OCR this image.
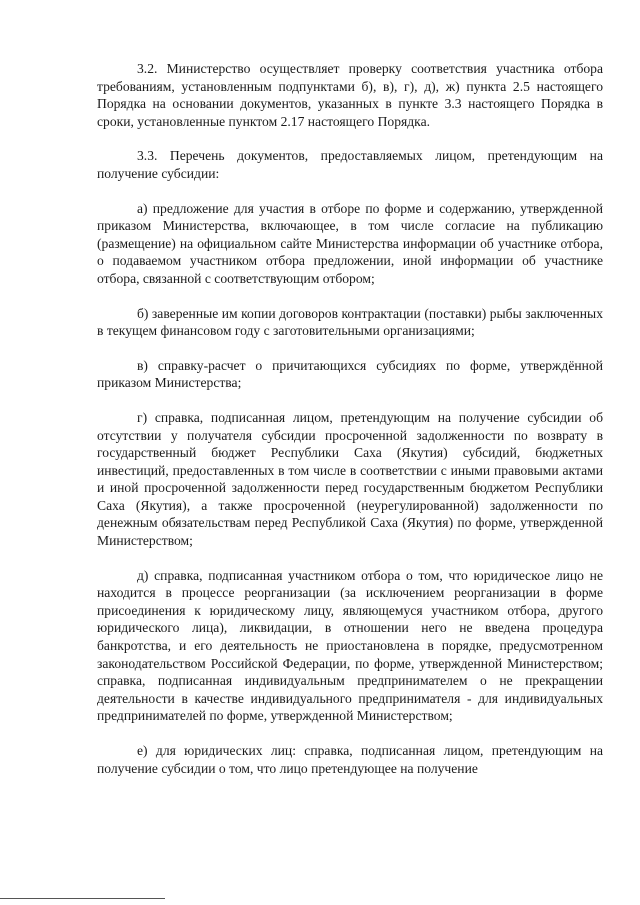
3.2. Министерство осуществляет проверку соответствия участника отбора требованиям, установленным подпунктами б), в), г), д), ж) пункта 2.5 настоящего Порядка на основании документов, указанных в пункте 3.3 настоящего Порядка в сроки, установленные пунктом 2.17 настоящего Порядка.

3.3. Перечень документов, предоставляемых лицом, претендующим на получение субсидии:

а) предложение для участия в отборе по форме и содержанию, утвержденной приказом Министерства, включающее, в том числе согласие на публикацию (размещение) на официальном сайте Министерства информации об участнике отбора, о подаваемом участником отбора предложении, иной информации об участнике отбора, связанной с соответствующим отбором;

б) заверенные им копии договоров контрактации (поставки) рыбы заключенных в текущем финансовом году с заготовительными организациями;

в) справку-расчет о причитающихся субсидиях по форме, утверждённой приказом Министерства;

г) справка, подписанная лицом, претендующим на получение субсидии об отсутствии у получателя субсидии просроченной задолженности по возврату в государственный бюджет Республики Саха (Якутия) субсидий, бюджетных инвестиций, предоставленных в том числе в соответствии с иными правовыми актами и иной просроченной задолженности перед государственным бюджетом Республики Саха (Якутия), а также просроченной (неурегулированной) задолженности по денежным обязательствам перед Республикой Саха (Якутия) по форме, утвержденной Министерством;

д) справка, подписанная участником отбора о том, что юридическое лицо не находится в процессе реорганизации (за исключением реорганизации в форме присоединения к юридическому лицу, являющемуся участником отбора, другого юридического лица), ликвидации, в отношении него не введена процедура банкротства, и его деятельность не приостановлена в порядке, предусмотренном законодательством Российской Федерации, по форме, утвержденной Министерством; справка, подписанная индивидуальным предпринимателем о не прекращении деятельности в качестве индивидуального предпринимателя - для индивидуальных предпринимателей по форме, утвержденной Министерством;

е) для юридических лиц: справка, подписанная лицом, претендующим на получение субсидии о том, что лицо претендующее на получение
